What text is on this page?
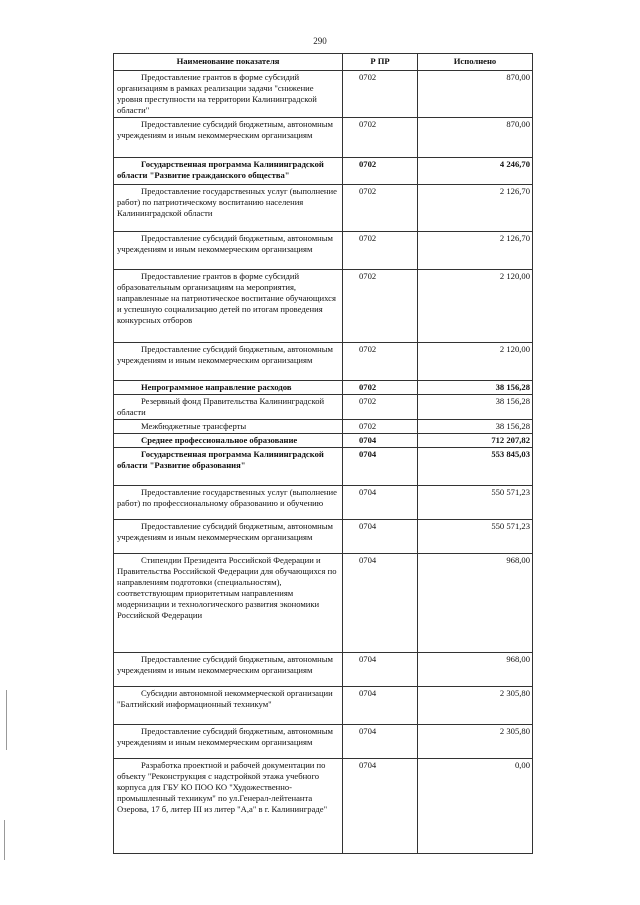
290
Наименование показателя	Р ПР	Исполнено
Предоставление грантов в форме субсидий организациям в рамках реализации задачи "снижение уровня преступности на территории Калининградской области"	0702	870,00
Предоставление субсидий бюджетным, автономным учреждениям и иным некоммерческим организациям	0702	870,00
Государственная программа Калининградской области "Развитие гражданского общества"	0702	4 246,70
Предоставление государственных услуг (выполнение работ) по патриотическому воспитанию населения Калининградской области	0702	2 126,70
Предоставление субсидий бюджетным, автономным учреждениям и иным некоммерческим организациям	0702	2 126,70
Предоставление грантов в форме субсидий образовательным организациям на мероприятия, направленные на патриотическое воспитание обучающихся и успешную социализацию детей по итогам проведения конкурсных отборов	0702	2 120,00
Предоставление субсидий бюджетным, автономным учреждениям и иным некоммерческим организациям	0702	2 120,00
Непрограммное направление расходов	0702	38 156,28
Резервный фонд Правительства Калининградской области	0702	38 156,28
Межбюджетные трансферты	0702	38 156,28
Среднее профессиональное образование	0704	712 207,82
Государственная программа Калининградской области "Развитие образования"	0704	553 845,03
Предоставление государственных услуг (выполнение работ) по профессиональному образованию и обучению	0704	550 571,23
Предоставление субсидий бюджетным, автономным учреждениям и иным некоммерческим организациям	0704	550 571,23
Стипендии Президента Российской Федерации и Правительства Российской Федерации для обучающихся по направлениям подготовки (специальностям), соответствующим приоритетным направлениям модернизации и технологического развития экономики Российской Федерации	0704	968,00
Предоставление субсидий бюджетным, автономным учреждениям и иным некоммерческим организациям	0704	968,00
Субсидии автономной некоммерческой организации "Балтийский информационный техникум"	0704	2 305,80
Предоставление субсидий бюджетным, автономным учреждениям и иным некоммерческим организациям	0704	2 305,80
Разработка проектной и рабочей документации по объекту "Реконструкция с надстройкой этажа учебного корпуса для ГБУ КО ПОО КО "Художественно-промышленный техникум" по ул.Генерал-лейтенанта Озерова, 17 б, литер III из литер "А,а" в г. Калининграде"	0704	0,00
